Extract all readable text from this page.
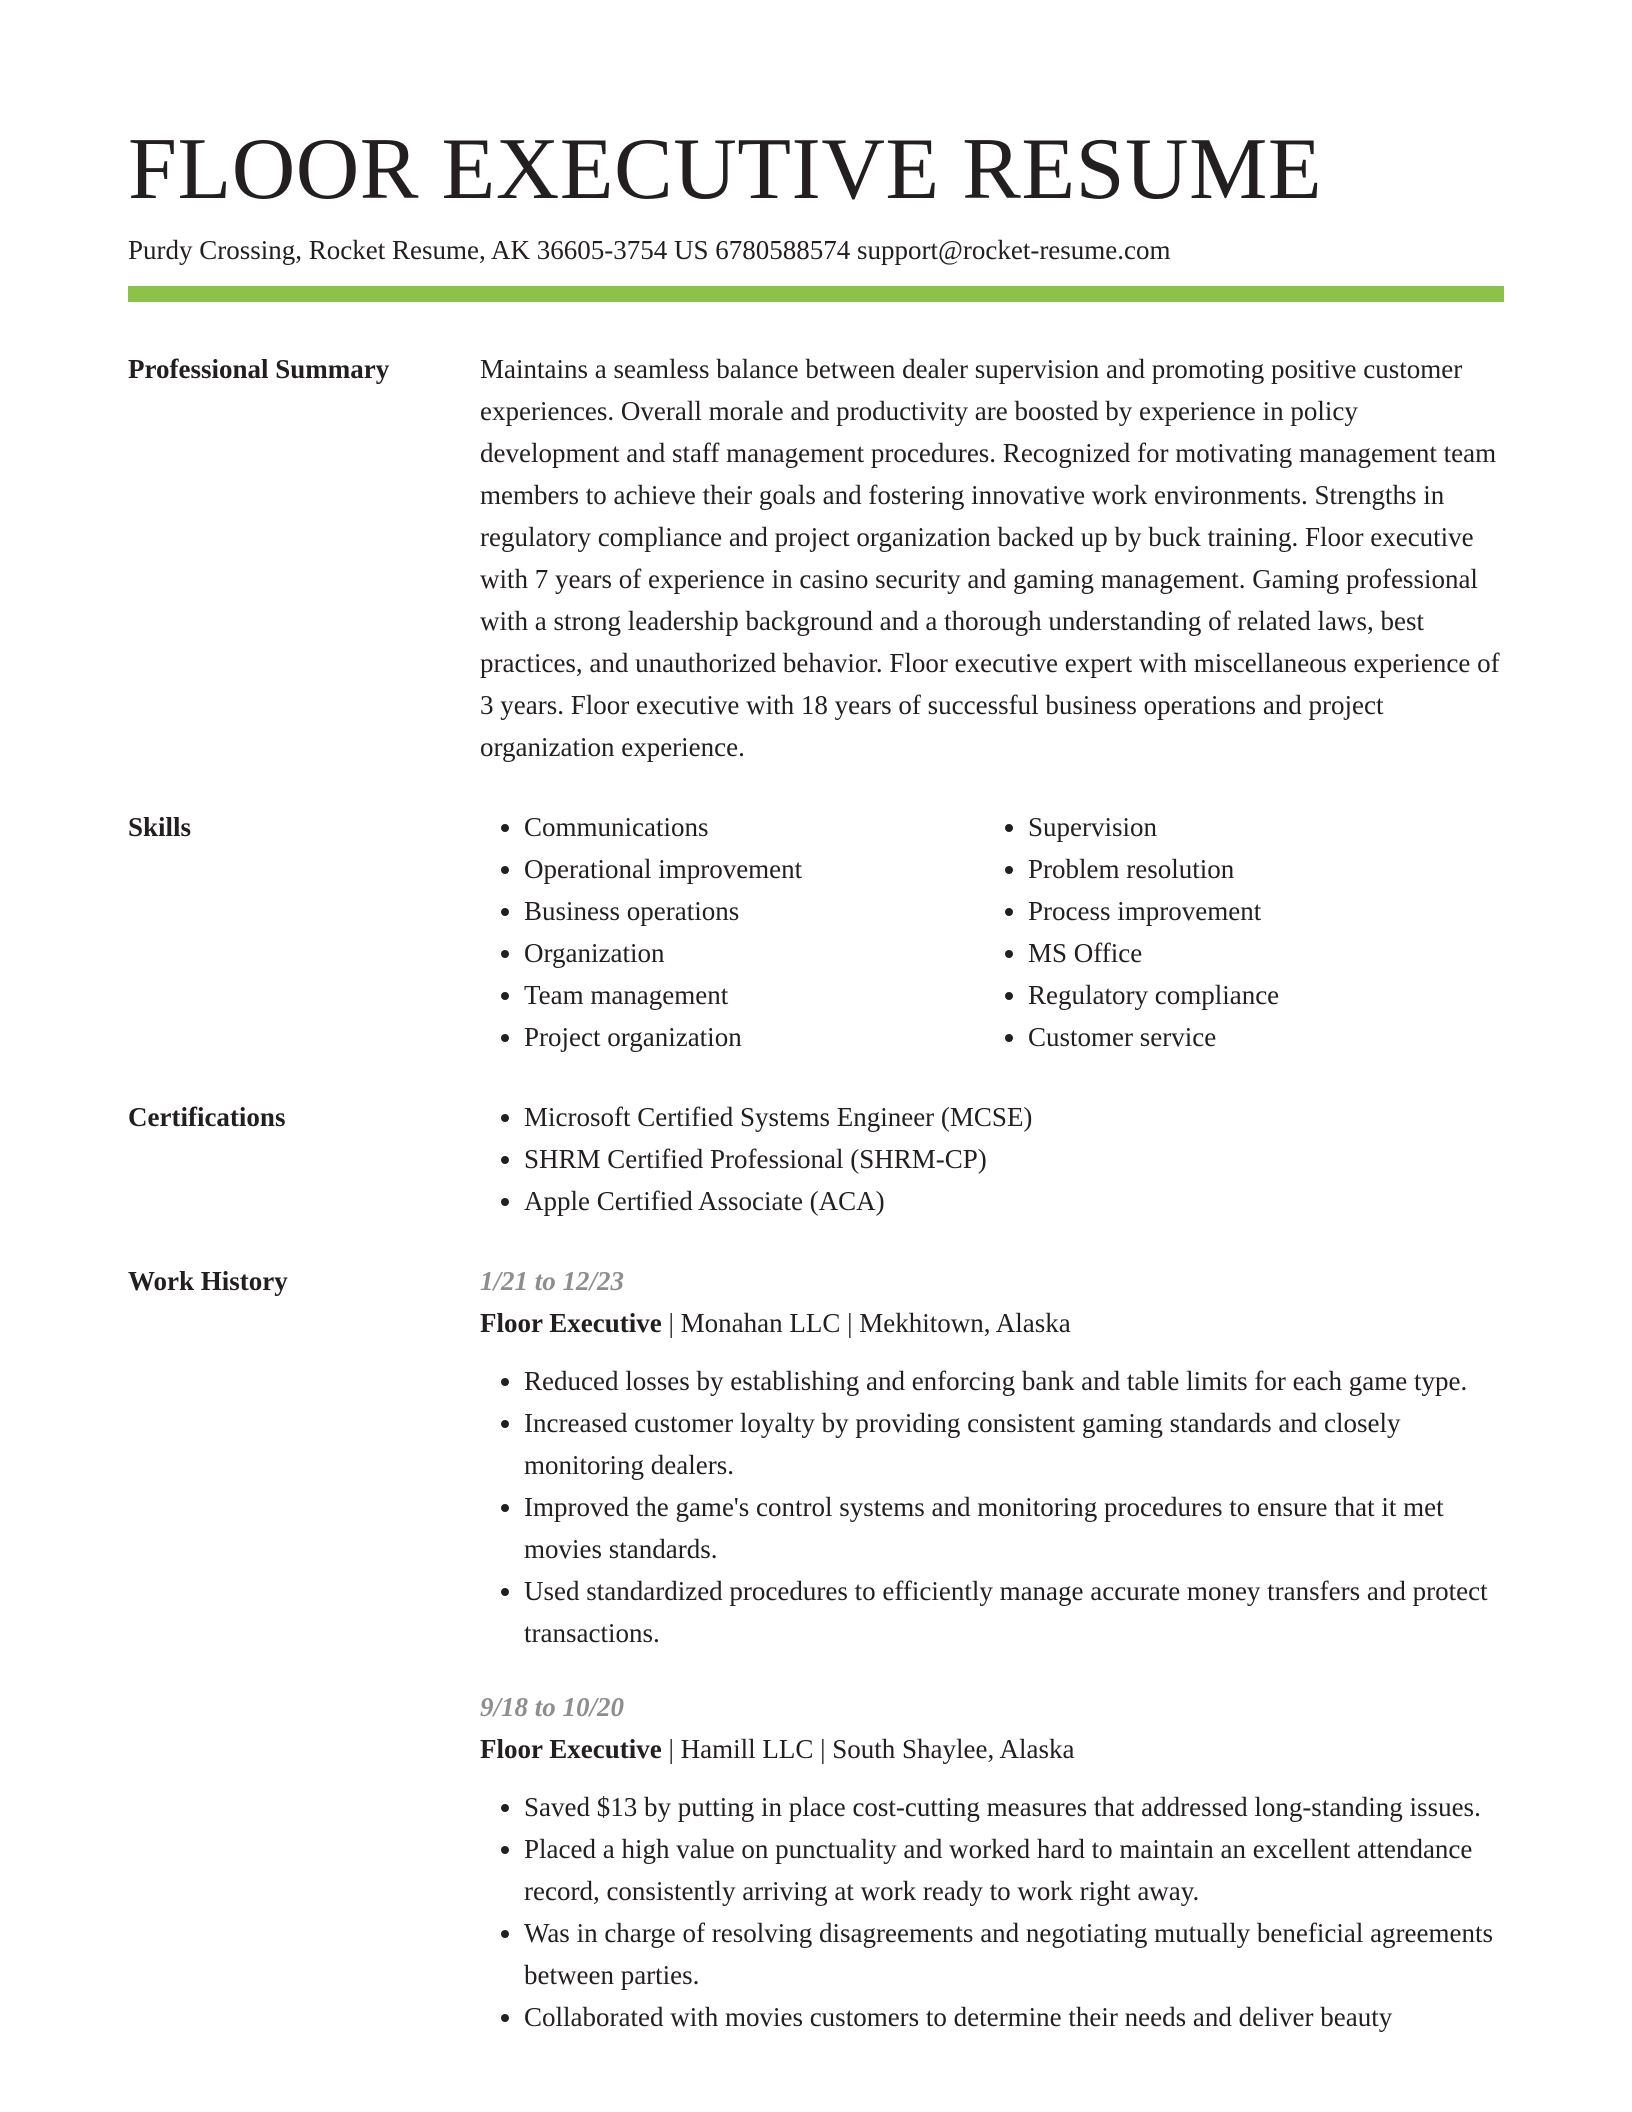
FLOOR EXECUTIVE RESUME
Purdy Crossing, Rocket Resume, AK 36605-3754 US 6780588574 support@rocket-resume.com
Professional Summary	Maintains a seamless balance between dealer supervision and promoting positive customer experiences. Overall morale and productivity are boosted by experience in policy development and staff management procedures. Recognized for motivating management team members to achieve their goals and fostering innovative work environments. Strengths in regulatory compliance and project organization backed up by buck training. Floor executive with 7 years of experience in casino security and gaming management. Gaming professional with a strong leadership background and a thorough understanding of related laws, best practices, and unauthorized behavior. Floor executive expert with miscellaneous experience of 3 years. Floor executive with 18 years of successful business operations and project organization experience.

Skills	• Communications
• Operational improvement
• Business operations
• Organization
• Team management
• Project organization
• Supervision
• Problem resolution
• Process improvement
• MS Office
• Regulatory compliance
• Customer service
Certifications	• Microsoft Certified Systems Engineer (MCSE)
• SHRM Certified Professional (SHRM-CP)
• Apple Certified Associate (ACA)
Work History	1/21 to 12/23
Floor Executive | Monahan LLC | Mekhitown, Alaska
• Reduced losses by establishing and enforcing bank and table limits for each game type.
• Increased customer loyalty by providing consistent gaming standards and closely monitoring dealers.
• Improved the game's control systems and monitoring procedures to ensure that it met movies standards.
• Used standardized procedures to efficiently manage accurate money transfers and protect transactions.
9/18 to 10/20
Floor Executive | Hamill LLC | South Shaylee, Alaska
• Saved $13 by putting in place cost-cutting measures that addressed long-standing issues.
• Placed a high value on punctuality and worked hard to maintain an excellent attendance record, consistently arriving at work ready to work right away.
• Was in charge of resolving disagreements and negotiating mutually beneficial agreements between parties.
• Collaborated with movies customers to determine their needs and deliver beauty
